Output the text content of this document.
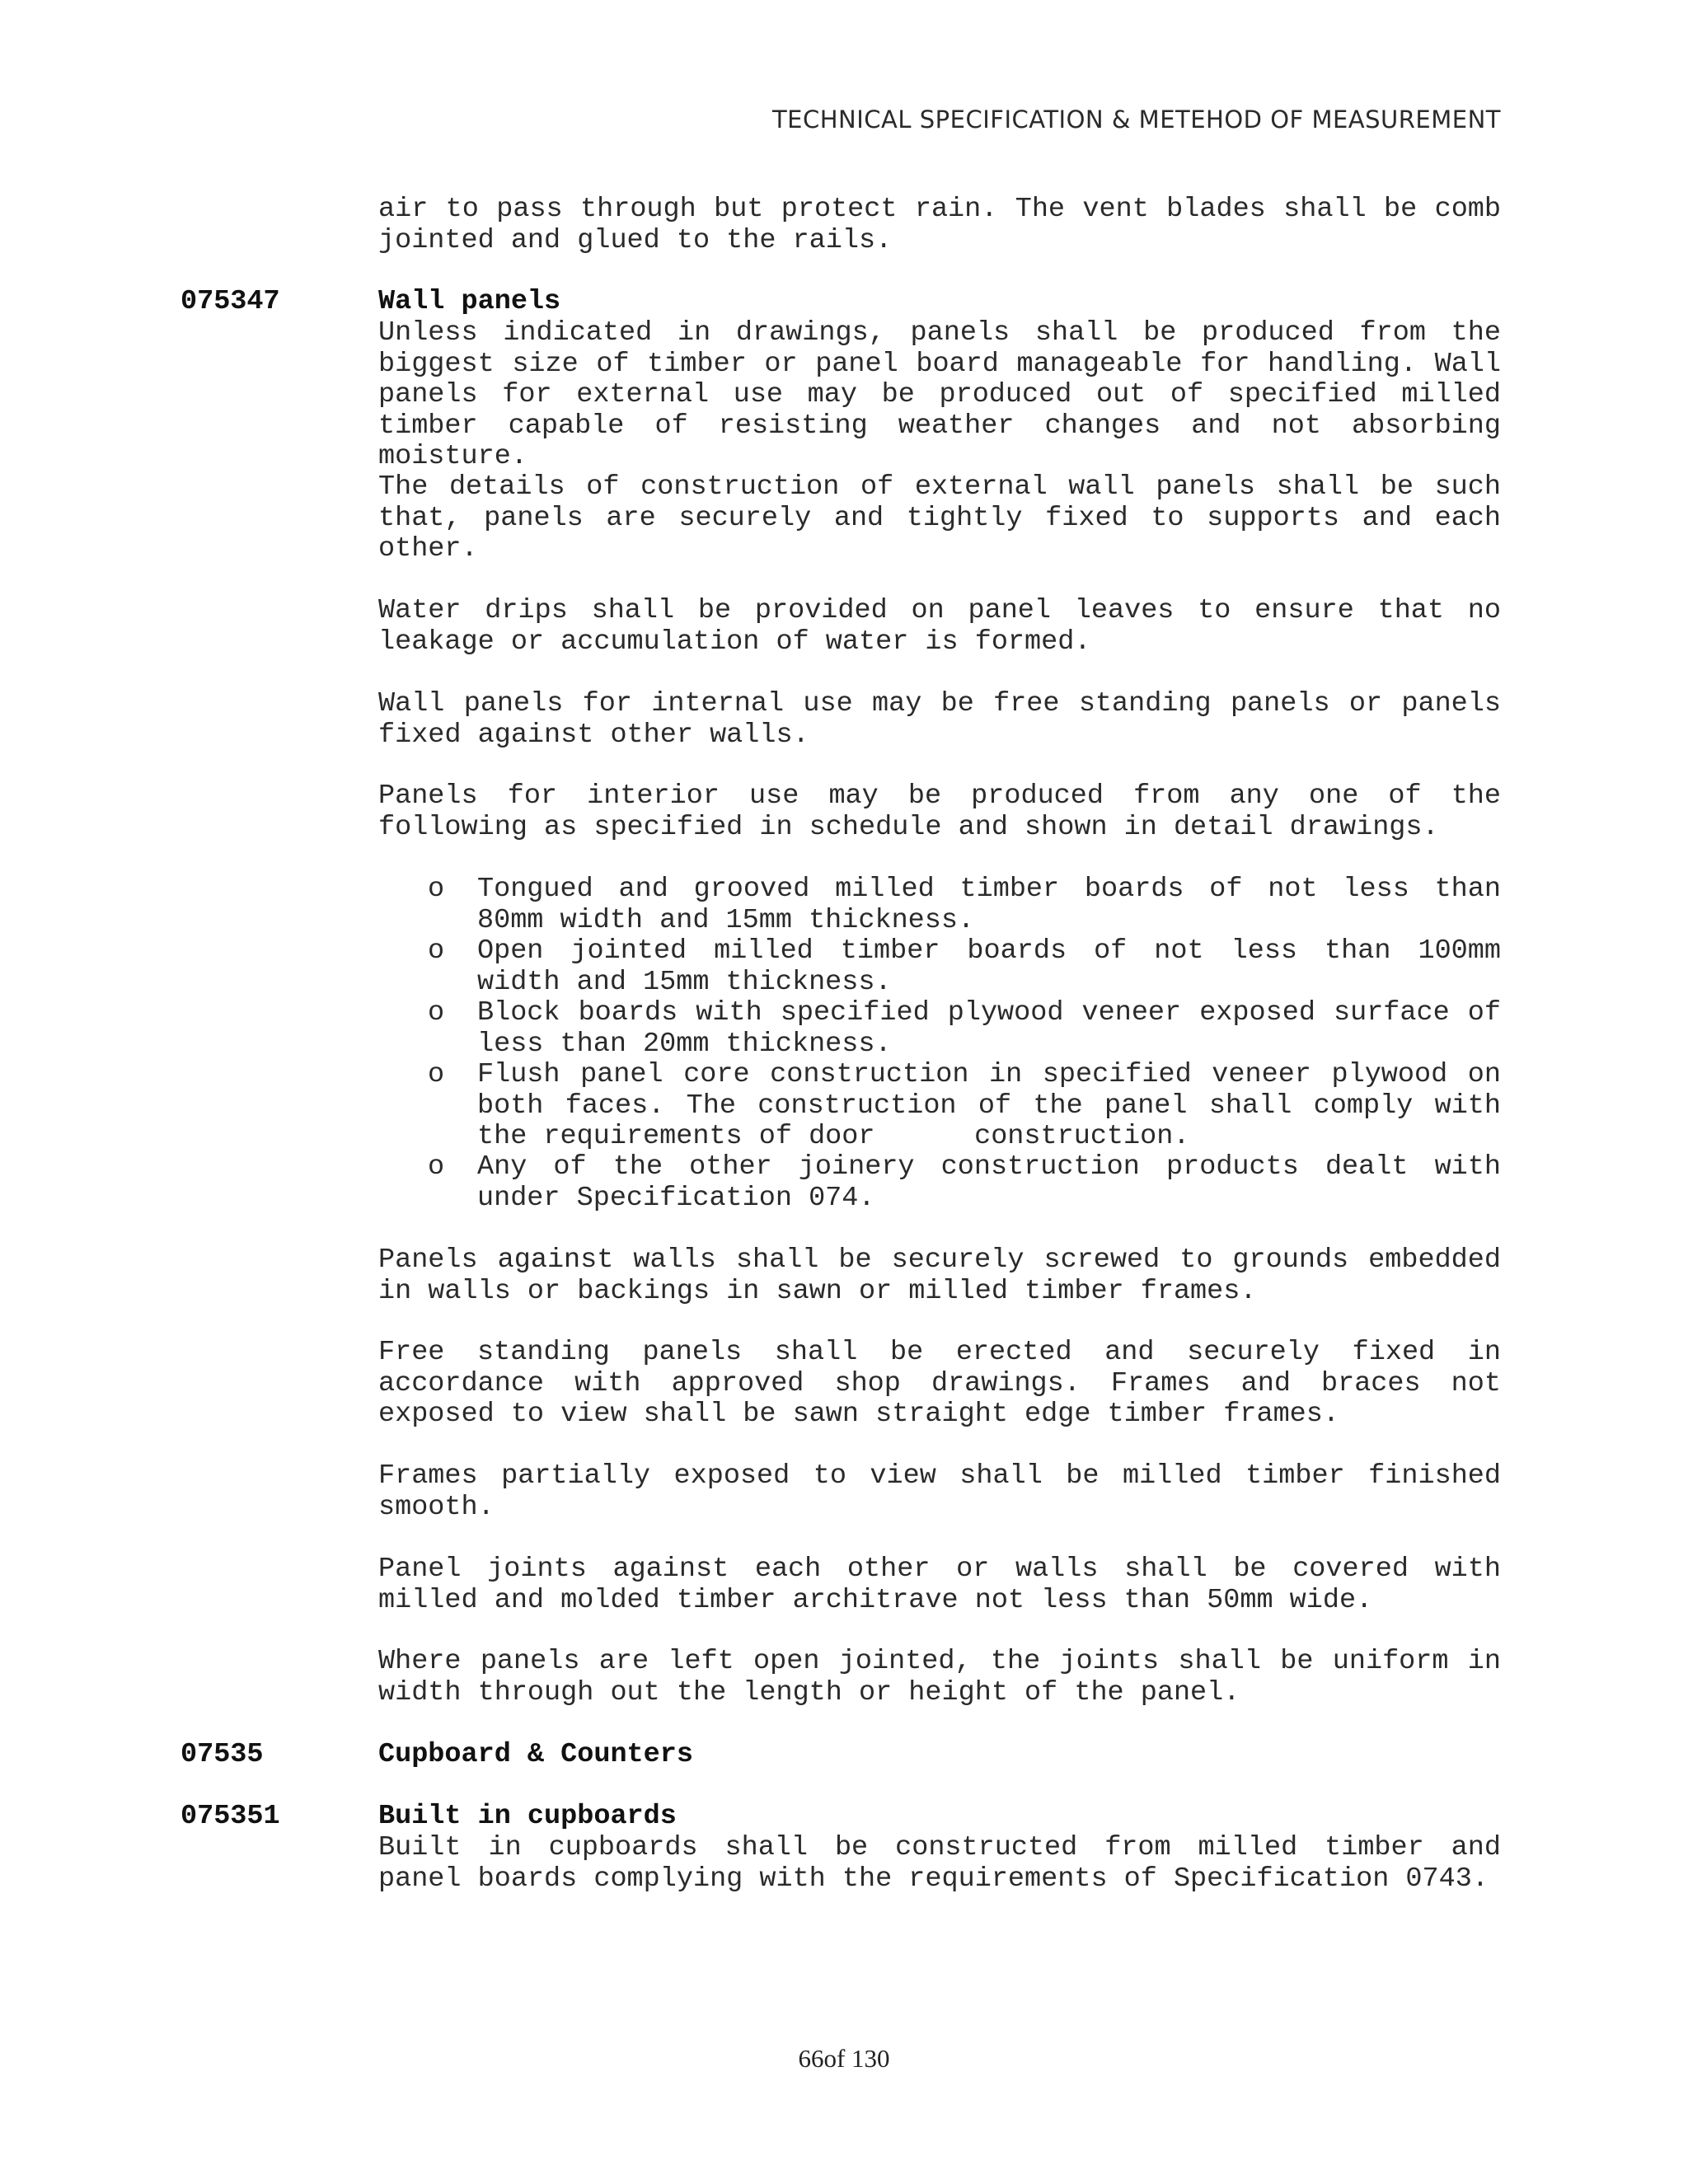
TECHNICAL SPECIFICATION & METEHOD OF MEASUREMENT
air to pass through but protect rain. The vent blades shall be comb jointed and glued to the rails.
075347	Wall panels
Unless indicated in drawings, panels shall be produced from the biggest size of timber or panel board manageable for handling. Wall panels for external use may be produced out of specified milled timber capable of resisting weather changes and not absorbing moisture.
The details of construction of external wall panels shall be such that, panels are securely and tightly fixed to supports and each other.
Water drips shall be provided on panel leaves to ensure that no leakage or accumulation of water is formed.
Wall panels for internal use may be free standing panels or panels fixed against other walls.
Panels for interior use may be produced from any one of the following as specified in schedule and shown in detail drawings.
o Tongued and grooved milled timber boards of not less than 80mm width and 15mm thickness.
o Open jointed milled timber boards of not less than 100mm width and 15mm thickness.
o Block boards with specified plywood veneer exposed surface of less than 20mm thickness.
o Flush panel core construction in specified veneer plywood on both faces. The construction of the panel shall comply with the requirements of door      construction.
o Any of the other joinery construction products dealt with under Specification 074.
Panels against walls shall be securely screwed to grounds embedded in walls or backings in sawn or milled timber frames.
Free standing panels shall be erected and securely fixed in accordance with approved shop drawings. Frames and braces not exposed to view shall be sawn straight edge timber frames.
Frames partially exposed to view shall be milled timber finished smooth.
Panel joints against each other or walls shall be covered with milled and molded timber architrave not less than 50mm wide.
Where panels are left open jointed, the joints shall be uniform in width through out the length or height of the panel.
07535	Cupboard & Counters
075351	Built in cupboards
Built in cupboards shall be constructed from milled timber and panel boards complying with the requirements of Specification 0743.
66of 130
